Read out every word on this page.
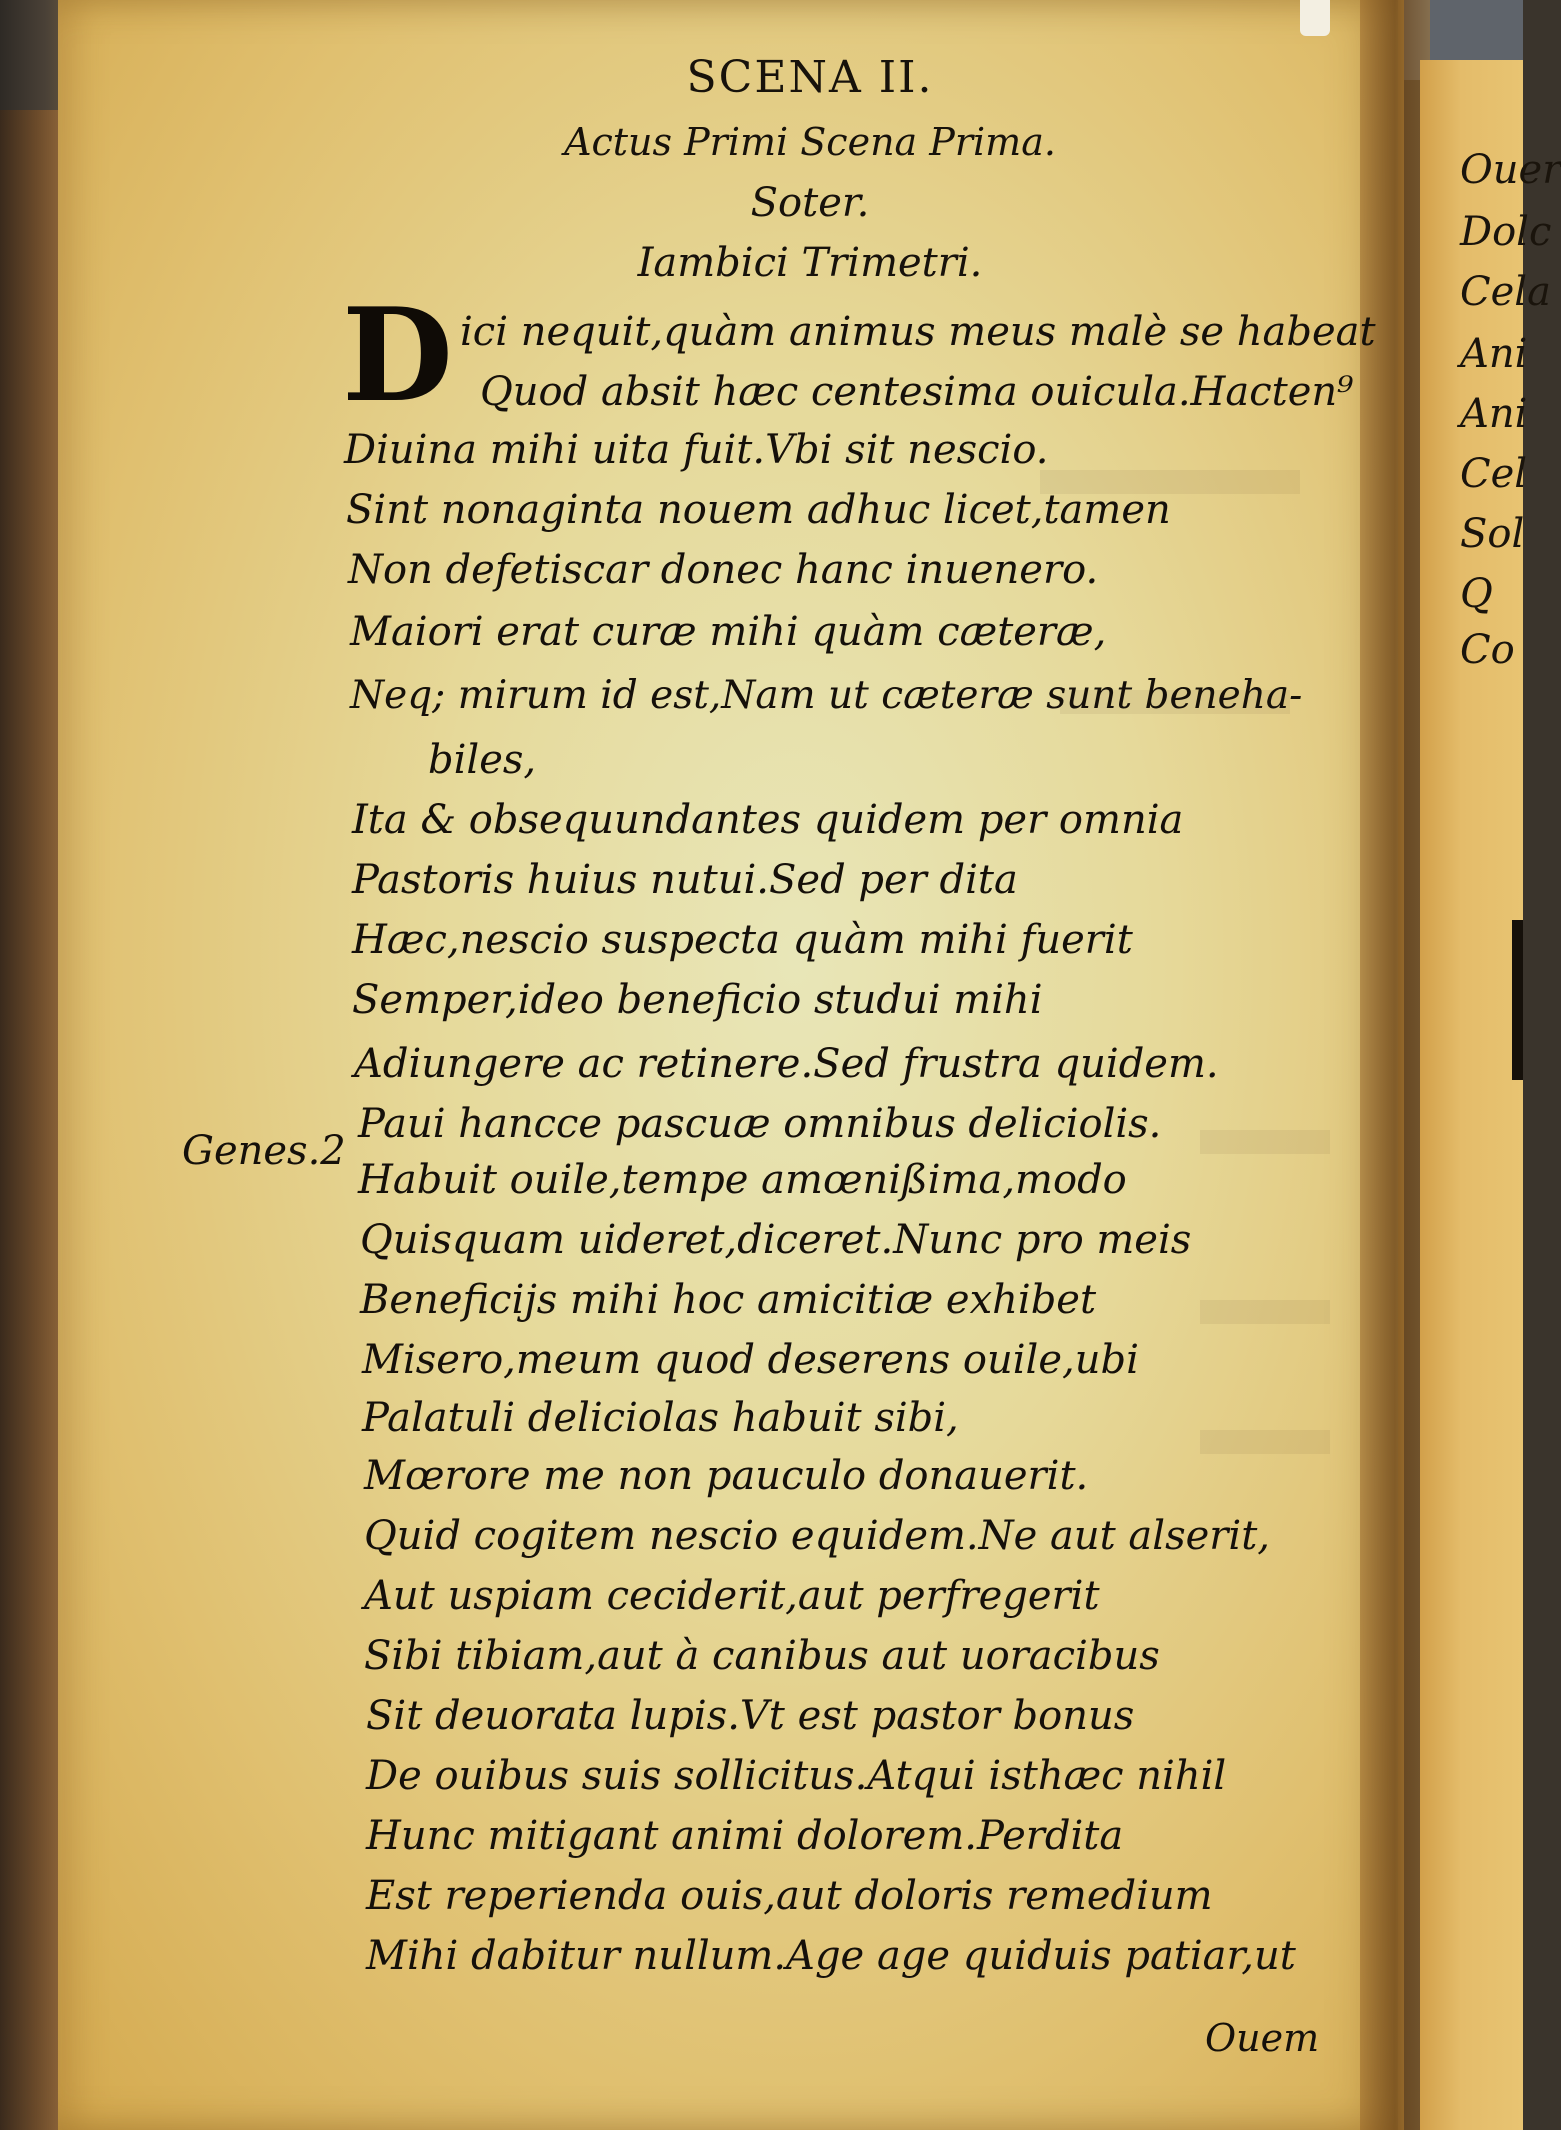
SCENA II.
Actus Primi Scena Prima.
Soter.
Iambici Trimetri.
D ici nequit,quàm animus meus malè se habeat
Quod absit hæc centesima ouicula.Hacten⁹
Diuina mihi uita fuit.Vbi sit nescio.
Sint nonaginta nouem adhuc licet,tamen
Non defetiscar donec hanc inuenero.
Maiori erat curæ mihi quàm cæteræ,
Neq; mirum id est,Nam ut cæteræ sunt beneha-
biles,
Ita & obsequundantes quidem per omnia
Pastoris huius nutui.Sed per dita
Hæc,nescio suspecta quàm mihi fuerit
Semper,ideo beneficio studui mihi
Adiungere ac retinere.Sed frustra quidem.
Paui hancce pascuæ omnibus deliciolis.
Habuit ouile,tempe amœnißima,modo
Quisquam uideret,diceret.Nunc pro meis
Beneficijs mihi hoc amicitiæ exhibet
Misero,meum quod deserens ouile,ubi
Palatuli deliciolas habuit sibi,
Mœrore me non pauculo donauerit.
Quid cogitem nescio equidem.Ne aut alserit,
Aut uspiam ceciderit,aut perfregerit
Sibi tibiam,aut à canibus aut uoracibus
Sit deuorata lupis.Vt est pastor bonus
De ouibus suis sollicitus.Atqui isthæc nihil
Hunc mitigant animi dolorem.Perdita
Est reperienda ouis,aut doloris remedium
Mihi dabitur nullum.Age age quiduis patiar,ut
Genes.2
Ouem
Ouer
Dolc
Cela
Ani
Ani
Cel
Sol
Q
Co
